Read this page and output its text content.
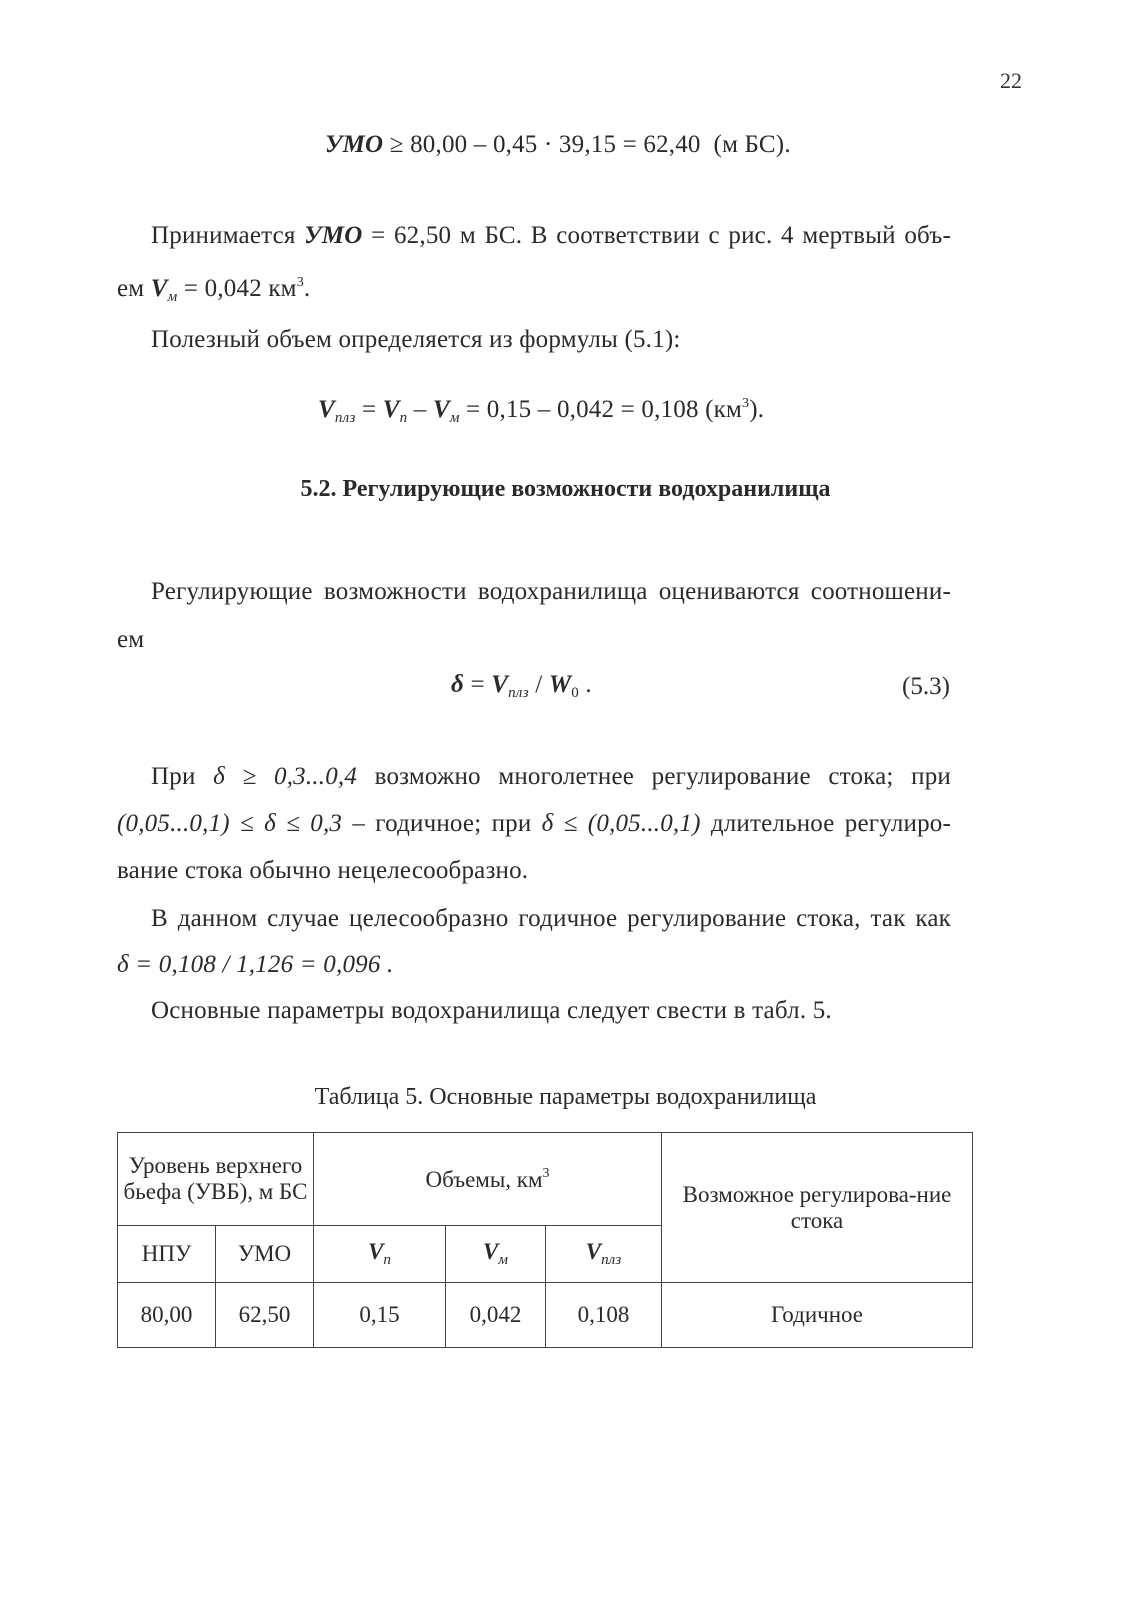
22
УМО ≥ 80,00 – 0,45 · 39,15 = 62,40 (м БС).
Принимается УМО = 62,50 м БС. В соответствии с рис. 4 мертвый объ-
ем $V_м = 0,042$ $км^3$.
Полезный объем определяется из формулы (5.1):
$V_{плз} = V_п - V_м = 0,15 - 0,042 = 0,108$ $(км^3)$.
5.2. Регулирующие возможности водохранилища
Регулирующие возможности водохранилища оцениваются соотношени-
ем
$\delta = V_{плз} / W_0$ .	(5.3)
При δ ≥ 0,3...0,4 возможно многолетнее регулирование стока; при
(0,05...0,1) ≤ δ ≤ 0,3 – годичное; при δ ≤ (0,05...0,1) длительное регулиро-
вание стока обычно нецелесообразно.
В данном случае целесообразно годичное регулирование стока, так как
δ = 0,108 / 1,126 = 0,096 .
Основные параметры водохранилища следует свести в табл. 5.
Таблица 5. Основные параметры водохранилища
Уровень верхнего бьефа (УВБ), м БС		Объемы, $км^3$			Возможное регулирова-ние стока
НПУ	УМО	$V_п$	$V_м$	$V_{плз}$
80,00	62,50	0,15	0,042	0,108	Годичное
